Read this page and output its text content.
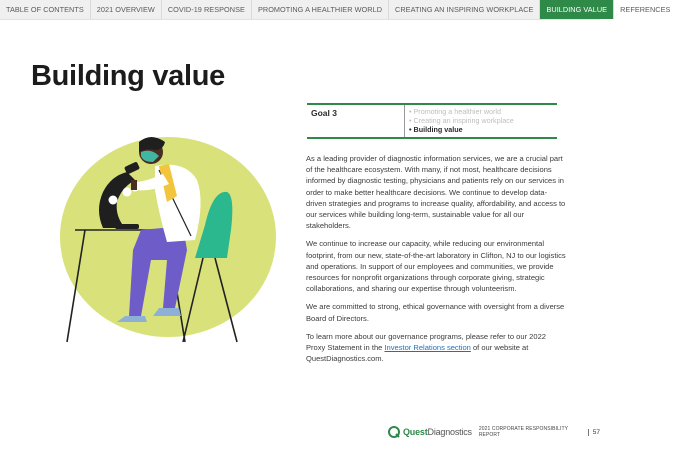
TABLE OF CONTENTS	2021 OVERVIEW	COVID-19 RESPONSE	PROMOTING A HEALTHIER WORLD	CREATING AN INSPIRING WORKPLACE	BUILDING VALUE	REFERENCES
Building value
Goal 3	• Promoting a healthier world
• Creating an inspiring workplace
• Building value

As a leading provider of diagnostic information services, we are a crucial part of the healthcare ecosystem. With many, if not most, healthcare decisions informed by diagnostic testing, physicians and patients rely on our services in order to make better healthcare decisions. We continue to develop data-driven strategies and programs to increase quality, affordability, and access to our services while building long-term, sustainable value for all our stakeholders.

We continue to increase our capacity, while reducing our environmental footprint, from our new, state-of-the-art laboratory in Clifton, NJ to our logistics and operations. In support of our employees and communities, we provide resources for nonprofit organizations through corporate giving, strategic collaborations, and sharing our expertise through volunteerism.

We are committed to strong, ethical governance with oversight from a diverse Board of Directors.

To learn more about our governance programs, please refer to our 2022 Proxy Statement in the Investor Relations section of our website at QuestDiagnostics.com.

QuestDiagnostics 2021 CORPORATE RESPONSIBILITY REPORT	57
